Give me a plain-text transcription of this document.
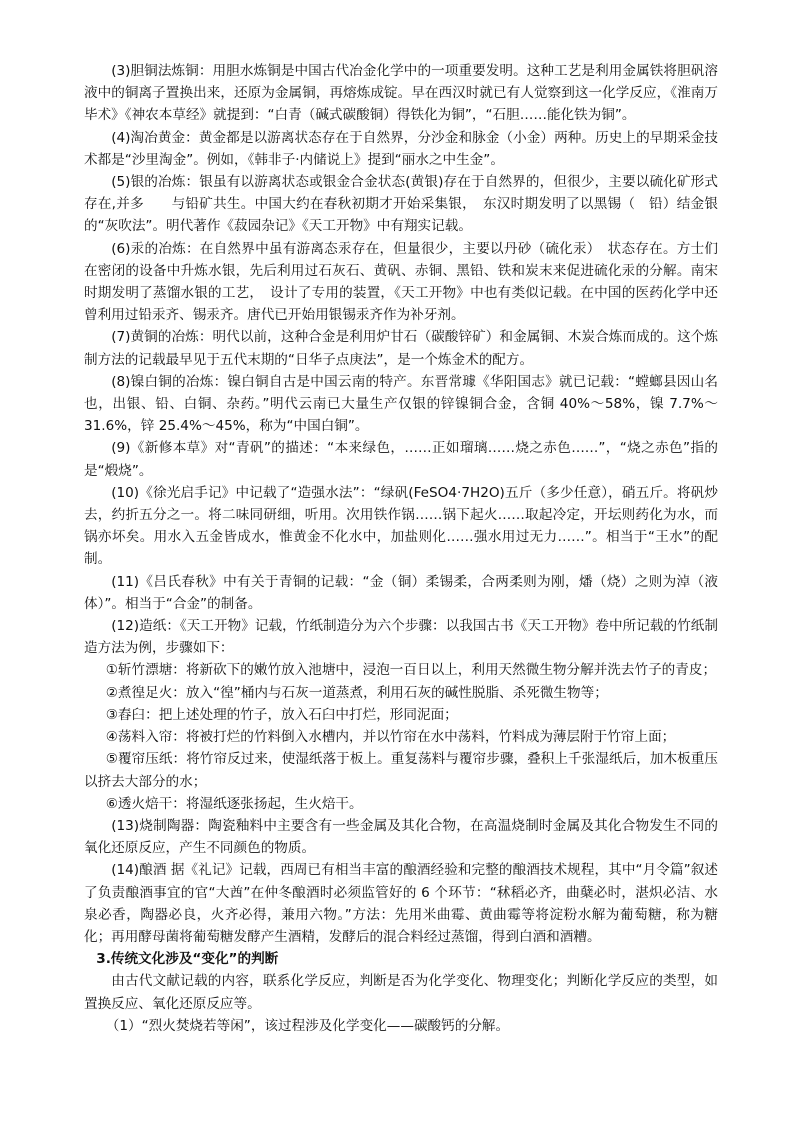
(3)胆铜法炼铜：用胆水炼铜是中国古代冶金化学中的一项重要发明。这种工艺是利用金属铁将胆矾溶液中的铜离子置换出来，还原为金属铜，再熔炼成锭。早在西汉时就已有人觉察到这一化学反应，《淮南万毕术》《神农本草经》就提到：“白青（碱式碳酸铜）得铁化为铜”，“石胆……能化铁为铜”。

(4)淘冶黄金：黄金都是以游离状态存在于自然界，分沙金和脉金（小金）两种。历史上的早期采金技术都是“沙里淘金”。例如，《韩非子·内储说上》提到“丽水之中生金”。

(5)银的冶炼：银虽有以游离状态或银金合金状态(黄银)存在于自然界的，但很少，主要以硫化矿形式存在,并多　　与铅矿共生。中国大约在春秋初期才开始采集银，　东汉时期发明了以黑锡（　铅）结金银的“灰吹法”。明代著作《菽园杂记》《天工开物》中有翔实记载。

(6)汞的冶炼：在自然界中虽有游离态汞存在，但量很少，主要以丹砂（硫化汞）　状态存在。方士们在密闭的设备中升炼水银，先后利用过石灰石、黄矾、赤铜、黑铅、铁和炭末来促进硫化汞的分解。南宋时期发明了蒸馏水银的工艺，　设计了专用的装置，《天工开物》中也有类似记载。在中国的医药化学中还曾利用过铅汞齐、锡汞齐。唐代已开始用银锡汞齐作为补牙剂。

(7)黄铜的冶炼：明代以前，这种合金是利用炉甘石（碳酸锌矿）和金属铜、木炭合炼而成的。这个炼制方法的记载最早见于五代末期的“日华子点庚法”，是一个炼金术的配方。

(8)镍白铜的冶炼：镍白铜自古是中国云南的特产。东晋常璩《华阳国志》就已记载：“螳螂县因山名也，出银、铅、白铜、杂药。”明代云南已大量生产仅银的锌镍铜合金，含铜 40%～58%，镍 7.7%～31.6%，锌 25.4%～45%，称为“中国白铜”。

(9)《新修本草》对“青矾”的描述：“本来绿色，……正如瑠璃……烧之赤色……”，“烧之赤色”指的是“煅烧”。

(10)《徐光启手记》中记载了“造强水法”：“绿矾(FeSO4·7H2O)五斤（多少任意），硝五斤。将矾炒去，约折五分之一。将二味同研细，听用。次用铁作锅……锅下起火……取起冷定，开坛则药化为水，而锅亦坏矣。用水入五金皆成水，惟黄金不化水中，加盐则化……强水用过无力……”。相当于“王水”的配制。

(11)《吕氏春秋》中有关于青铜的记载：“金（铜）柔锡柔，合两柔则为刚，燔（烧）之则为淖（液体）”。相当于“合金”的制备。

(12)造纸：《天工开物》记载，竹纸制造分为六个步骤：以我国古书《天工开物》卷中所记载的竹纸制造方法为例，步骤如下：

①斩竹漂塘：将新砍下的嫩竹放入池塘中，浸泡一百日以上，利用天然微生物分解并洗去竹子的青皮；

②煮徨足火：放入“徨”桶内与石灰一道蒸煮，利用石灰的碱性脱脂、杀死微生物等；

③舂臼：把上述处理的竹子，放入石臼中打烂，形同泥面；

④荡料入帘：将被打烂的竹料倒入水槽内，并以竹帘在水中荡料，竹料成为薄层附于竹帘上面；

⑤覆帘压纸：将竹帘反过来，使湿纸落于板上。重复荡料与覆帘步骤，叠积上千张湿纸后，加木板重压以挤去大部分的水；

⑥透火焙干：将湿纸逐张扬起，生火焙干。

(13)烧制陶器：陶瓷釉料中主要含有一些金属及其化合物，在高温烧制时金属及其化合物发生不同的氧化还原反应，产生不同颜色的物质。

(14)酿酒 据《礼记》记载，西周已有相当丰富的酿酒经验和完整的酿酒技术规程，其中“月令篇”叙述了负责酿酒事宜的官“大酋”在仲冬酿酒时必须监管好的 6 个环节：“秫稻必齐，曲蘖必时，湛炽必洁、水泉必香，陶器必良，火齐必得，兼用六物。”方法：先用米曲霉、黄曲霉等将淀粉水解为葡萄糖，称为糖化；再用酵母菌将葡萄糖发酵产生酒精，发酵后的混合料经过蒸馏，得到白酒和酒糟。

3.传统文化涉及“变化”的判断

由古代文献记载的内容，联系化学反应，判断是否为化学变化、物理变化；判断化学反应的类型，如置换反应、氧化还原反应等。

（1）“烈火焚烧若等闲”，该过程涉及化学变化——碳酸钙的分解。
